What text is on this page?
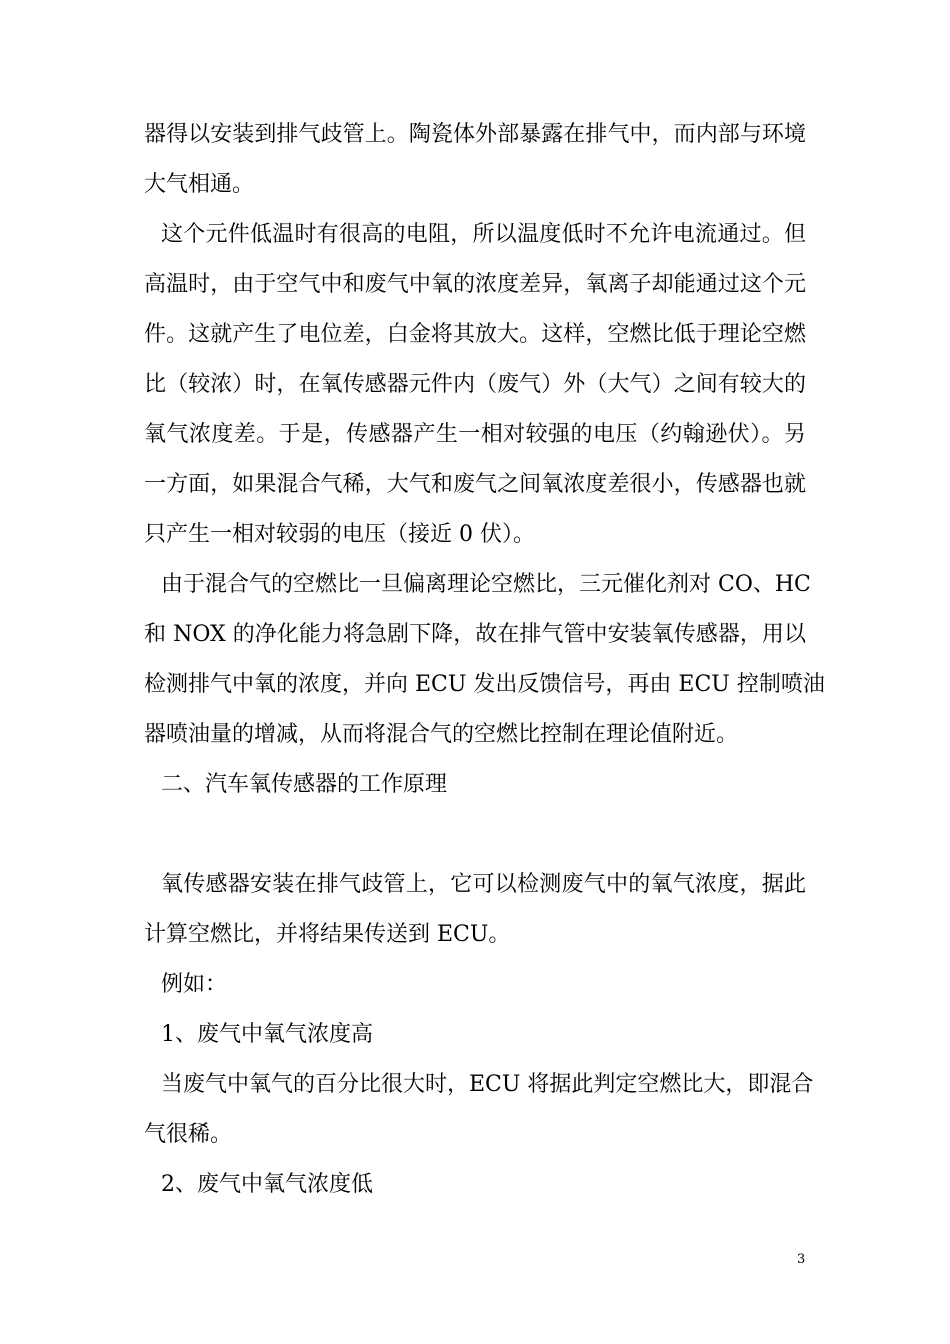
器得以安装到排气歧管上。陶瓷体外部暴露在排气中，而内部与环境

大气相通。

这个元件低温时有很高的电阻，所以温度低时不允许电流通过。但

高温时，由于空气中和废气中氧的浓度差异，氧离子却能通过这个元

件。这就产生了电位差，白金将其放大。这样，空燃比低于理论空燃

比（较浓）时，在氧传感器元件内（废气）外（大气）之间有较大的

氧气浓度差。于是，传感器产生一相对较强的电压（约翰逊伏）。另

一方面，如果混合气稀，大气和废气之间氧浓度差很小，传感器也就

只产生一相对较弱的电压（接近 0 伏）。

由于混合气的空燃比一旦偏离理论空燃比，三元催化剂对 CO、HC

和 NOX 的净化能力将急剧下降，故在排气管中安装氧传感器，用以

检测排气中氧的浓度，并向 ECU 发出反馈信号，再由 ECU 控制喷油

器喷油量的增减，从而将混合气的空燃比控制在理论值附近。

二、汽车氧传感器的工作原理

氧传感器安装在排气歧管上，它可以检测废气中的氧气浓度，据此

计算空燃比，并将结果传送到 ECU。

例如：

1、废气中氧气浓度高

当废气中氧气的百分比很大时，ECU 将据此判定空燃比大，即混合

气很稀。

2、废气中氧气浓度低

3
